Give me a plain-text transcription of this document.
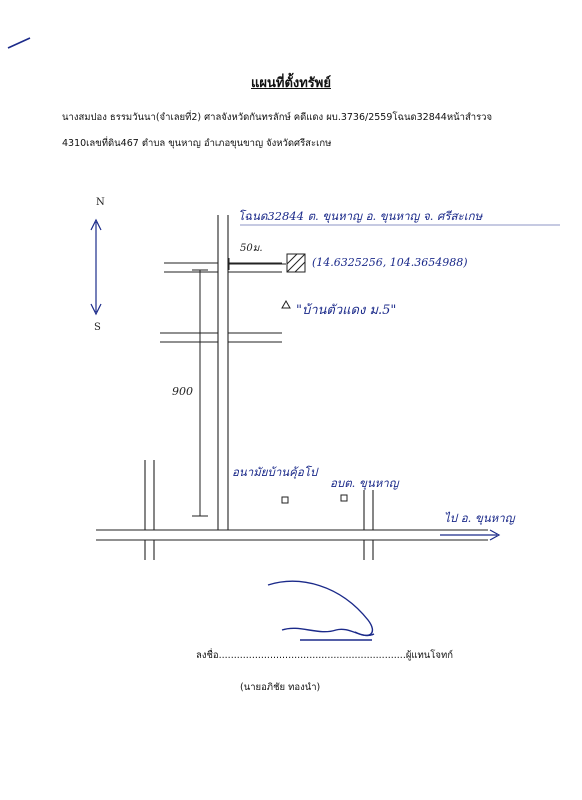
แผนที่ตั้งทรัพย์
นางสมปอง ธรรมวันนา(จำเลยที่2) ศาลจังหวัดกันทรลักษ์ คดีแดง ผบ.3736/2559โฉนด32844หน้าสำรวจ
4310เลขที่ดิน467 ตำบล ขุนหาญ อำเภอขุนขาญ จังหวัดศรีสะเกษ
N
S
โฉนด32844 ต. ขุนหาญ อ. ขุนหาญ จ. ศรีสะเกษ
50ม.
(14.6325256, 104.3654988)
"บ้านตัวแดง ม.5"
900
อนามัยบ้านคุ้อโป
อบต. ขุนหาญ
ไป อ. ขุนหาญ
ลงชื่อ..............................................................ผู้แทนโจทก์
(นายอภิชัย ทองนำ)
